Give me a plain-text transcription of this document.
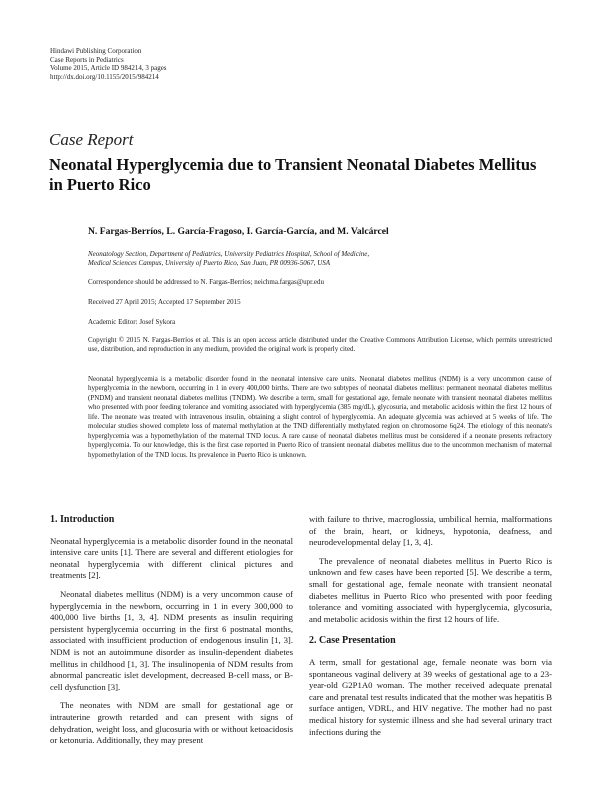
Hindawi Publishing Corporation
Case Reports in Pediatrics
Volume 2015, Article ID 984214, 3 pages
http://dx.doi.org/10.1155/2015/984214
Case Report
Neonatal Hyperglycemia due to Transient Neonatal Diabetes Mellitus in Puerto Rico
N. Fargas-Berríos, L. García-Fragoso, I. García-García, and M. Valcárcel
Neonatology Section, Department of Pediatrics, University Pediatrics Hospital, School of Medicine,
Medical Sciences Campus, University of Puerto Rico, San Juan, PR 00936-5067, USA
Correspondence should be addressed to N. Fargas-Berríos; neichma.fargas@upr.edu
Received 27 April 2015; Accepted 17 September 2015
Academic Editor: Josef Sykora
Copyright © 2015 N. Fargas-Berríos et al. This is an open access article distributed under the Creative Commons Attribution License, which permits unrestricted use, distribution, and reproduction in any medium, provided the original work is properly cited.
Neonatal hyperglycemia is a metabolic disorder found in the neonatal intensive care units. Neonatal diabetes mellitus (NDM) is a very uncommon cause of hyperglycemia in the newborn, occurring in 1 in every 400,000 births. There are two subtypes of neonatal diabetes mellitus: permanent neonatal diabetes mellitus (PNDM) and transient neonatal diabetes mellitus (TNDM). We describe a term, small for gestational age, female neonate with transient neonatal diabetes mellitus who presented with poor feeding tolerance and vomiting associated with hyperglycemia (385 mg/dL), glycosuria, and metabolic acidosis within the first 12 hours of life. The neonate was treated with intravenous insulin, obtaining a slight control of hyperglycemia. An adequate glycemia was achieved at 5 weeks of life. The molecular studies showed complete loss of maternal methylation at the TND differentially methylated region on chromosome 6q24. The etiology of this neonate's hyperglycemia was a hypomethylation of the maternal TND locus. A rare cause of neonatal diabetes mellitus must be considered if a neonate presents refractory hyperglycemia. To our knowledge, this is the first case reported in Puerto Rico of transient neonatal diabetes mellitus due to the uncommon mechanism of maternal hypomethylation of the TND locus. Its prevalence in Puerto Rico is unknown.
1. Introduction

Neonatal hyperglycemia is a metabolic disorder found in the neonatal intensive care units [1]. There are several and different etiologies for neonatal hyperglycemia with different clinical pictures and treatments [2].

Neonatal diabetes mellitus (NDM) is a very uncommon cause of hyperglycemia in the newborn, occurring in 1 in every 300,000 to 400,000 live births [1, 3, 4]. NDM presents as insulin requiring persistent hyperglycemia occurring in the first 6 postnatal months, associated with insufficient production of endogenous insulin [1, 3]. NDM is not an autoimmune disorder as insulin-dependent diabetes mellitus in childhood [1, 3]. The insulinopenia of NDM results from abnormal pancreatic islet development, decreased B-cell mass, or B-cell dysfunction [3].

The neonates with NDM are small for gestational age or intrauterine growth retarded and can present with signs of dehydration, weight loss, and glucosuria with or without ketoacidosis or ketonuria. Additionally, they may present

with failure to thrive, macroglossia, umbilical hernia, malformations of the brain, heart, or kidneys, hypotonia, deafness, and neurodevelopmental delay [1, 3, 4].

The prevalence of neonatal diabetes mellitus in Puerto Rico is unknown and few cases have been reported [5]. We describe a term, small for gestational age, female neonate with transient neonatal diabetes mellitus in Puerto Rico who presented with poor feeding tolerance and vomiting associated with hyperglycemia, glycosuria, and metabolic acidosis within the first 12 hours of life.

2. Case Presentation

A term, small for gestational age, female neonate was born via spontaneous vaginal delivery at 39 weeks of gestational age to a 23-year-old G2P1A0 woman. The mother received adequate prenatal care and prenatal test results indicated that the mother was hepatitis B surface antigen, VDRL, and HIV negative. The mother had no past medical history for systemic illness and she had several urinary tract infections during the
